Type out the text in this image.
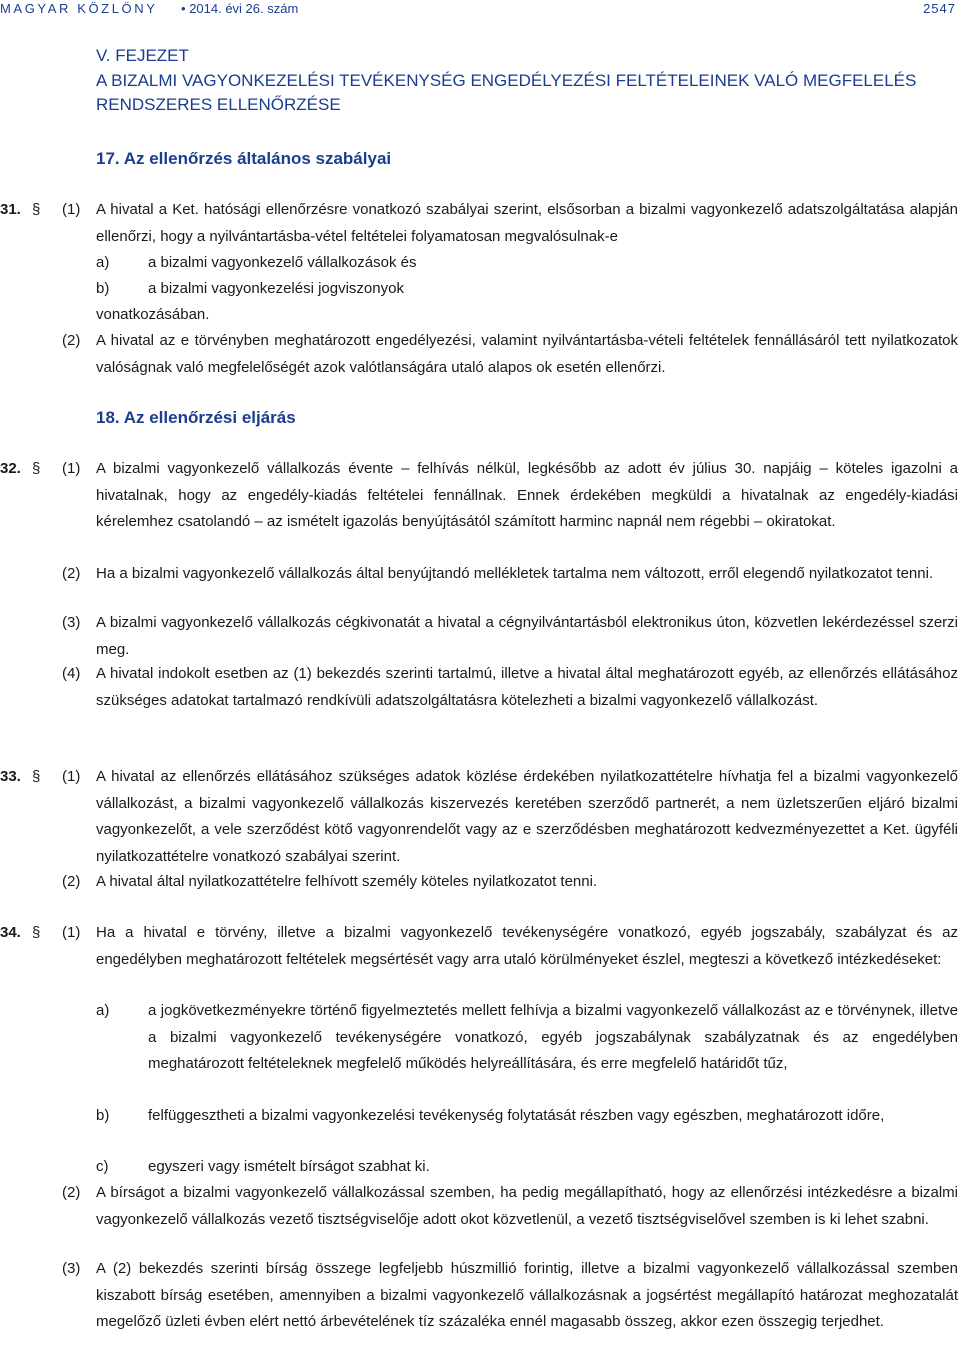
MAGYAR KÖZLÖNY • 2014. évi 26. szám	2547
V. FEJEZET
A BIZALMI VAGYONKEZELÉSI TEVÉKENYSÉG ENGEDÉLYEZÉSI FELTÉTELEINEK VALÓ MEGFELELÉS
RENDSZERES ELLENŐRZÉSE
17. Az ellenőrzés általános szabályai
31. § (1) A hivatal a Ket. hatósági ellenőrzésre vonatkozó szabályai szerint, elsősorban a bizalmi vagyonkezelő adatszolgáltatása alapján ellenőrzi, hogy a nyilvántartásba-vétel feltételei folyamatosan megvalósulnak-e
a)	a bizalmi vagyonkezelő vállalkozások és
b)	a bizalmi vagyonkezelési jogviszonyok
vonatkozásában.
(2) A hivatal az e törvényben meghatározott engedélyezési, valamint nyilvántartásba-vételi feltételek fennállásáról tett nyilatkozatok valóságnak való megfelelőségét azok valótlanságára utaló alapos ok esetén ellenőrzi.
18. Az ellenőrzési eljárás
32. § (1) A bizalmi vagyonkezelő vállalkozás évente – felhívás nélkül, legkésőbb az adott év július 30. napjáig – köteles igazolni a hivatalnak, hogy az engedély-kiadás feltételei fennállnak. Ennek érdekében megküldi a hivatalnak az engedély-kiadási kérelemhez csatolandó – az ismételt igazolás benyújtásától számított harminc napnál nem régebbi – okiratokat.
(2) Ha a bizalmi vagyonkezelő vállalkozás által benyújtandó mellékletek tartalma nem változott, erről elegendő nyilatkozatot tenni.
(3) A bizalmi vagyonkezelő vállalkozás cégkivonatát a hivatal a cégnyilvántartásból elektronikus úton, közvetlen lekérdezéssel szerzi meg.
(4) A hivatal indokolt esetben az (1) bekezdés szerinti tartalmú, illetve a hivatal által meghatározott egyéb, az ellenőrzés ellátásához szükséges adatokat tartalmazó rendkívüli adatszolgáltatásra kötelezheti a bizalmi vagyonkezelő vállalkozást.
33. § (1) A hivatal az ellenőrzés ellátásához szükséges adatok közlése érdekében nyilatkozattételre hívhatja fel a bizalmi vagyonkezelő vállalkozást, a bizalmi vagyonkezelő vállalkozás kiszervezés keretében szerződő partnerét, a nem üzletszerűen eljáró bizalmi vagyonkezelőt, a vele szerződést kötő vagyonrendelőt vagy az e szerződésben meghatározott kedvezményezettet a Ket. ügyféli nyilatkozattételre vonatkozó szabályai szerint.
(2) A hivatal által nyilatkozattételre felhívott személy köteles nyilatkozatot tenni.
34. § (1) Ha a hivatal e törvény, illetve a bizalmi vagyonkezelő tevékenységére vonatkozó, egyéb jogszabály, szabályzat és az engedélyben meghatározott feltételek megsértését vagy arra utaló körülményeket észlel, megteszi a következő intézkedéseket:
a)	a jogkövetkezményekre történő figyelmeztetés mellett felhívja a bizalmi vagyonkezelő vállalkozást az e törvénynek, illetve a bizalmi vagyonkezelő tevékenységére vonatkozó, egyéb jogszabálynak szabályzatnak és az engedélyben meghatározott feltételeknek megfelelő működés helyreállítására, és erre megfelelő határidőt tűz,
b)	felfüggesztheti a bizalmi vagyonkezelési tevékenység folytatását részben vagy egészben, meghatározott időre,
c)	egyszeri vagy ismételt bírságot szabhat ki.
(2) A bírságot a bizalmi vagyonkezelő vállalkozással szemben, ha pedig megállapítható, hogy az ellenőrzési intézkedésre a bizalmi vagyonkezelő vállalkozás vezető tisztségviselője adott okot közvetlenül, a vezető tisztségviselővel szemben is ki lehet szabni.
(3) A (2) bekezdés szerinti bírság összege legfeljebb húszmillió forintig, illetve a bizalmi vagyonkezelő vállalkozással szemben kiszabott bírság esetében, amennyiben a bizalmi vagyonkezelő vállalkozásnak a jogsértést megállapító határozat meghozatalát megelőző üzleti évben elért nettó árbevételének tíz százaléka ennél magasabb összeg, akkor ezen összegig terjedhet.
